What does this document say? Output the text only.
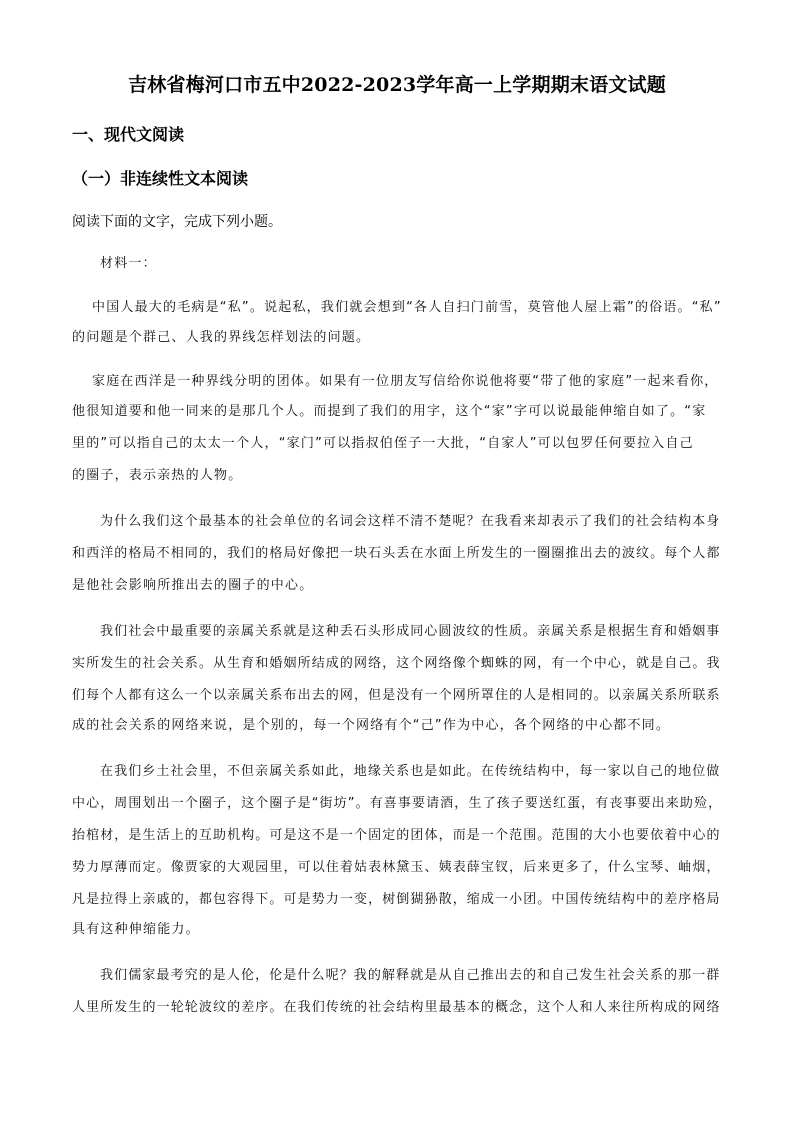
吉林省梅河口市五中2022-2023学年高一上学期期末语文试题
一、现代文阅读
（一）非连续性文本阅读
阅读下面的文字，完成下列小题。
材料一：
中国人最大的毛病是“私”。说起私，我们就会想到“各人自扫门前雪，莫管他人屋上霜”的俗语。“私”
的问题是个群己、人我的界线怎样划法的问题。
家庭在西洋是一种界线分明的团体。如果有一位朋友写信给你说他将要“带了他的家庭”一起来看你，
他很知道要和他一同来的是那几个人。而提到了我们的用字，这个“家”字可以说最能伸缩自如了。“家
里的”可以指自己的太太一个人，“家门”可以指叔伯侄子一大批，“自家人”可以包罗任何要拉入自己
的圈子，表示亲热的人物。
为什么我们这个最基本的社会单位的名词会这样不清不楚呢？在我看来却表示了我们的社会结构本身
和西洋的格局不相同的，我们的格局好像把一块石头丢在水面上所发生的一圈圈推出去的波纹。每个人都
是他社会影响所推出去的圈子的中心。
我们社会中最重要的亲属关系就是这种丢石头形成同心圆波纹的性质。亲属关系是根据生育和婚姻事
实所发生的社会关系。从生育和婚姻所结成的网络，这个网络像个蜘蛛的网，有一个中心，就是自己。我
们每个人都有这么一个以亲属关系布出去的网，但是没有一个网所罩住的人是相同的。以亲属关系所联系
成的社会关系的网络来说，是个别的，每一个网络有个“己”作为中心，各个网络的中心都不同。
在我们乡土社会里，不但亲属关系如此，地缘关系也是如此。在传统结构中，每一家以自己的地位做
中心，周围划出一个圈子，这个圈子是“街坊”。有喜事要请酒，生了孩子要送红蛋，有丧事要出来助殓，
抬棺材，是生活上的互助机构。可是这不是一个固定的团体，而是一个范围。范围的大小也要依着中心的
势力厚薄而定。像贾家的大观园里，可以住着姑表林黛玉、姨表薛宝钗，后来更多了，什么宝琴、岫烟，
凡是拉得上亲戚的，都包容得下。可是势力一变，树倒猢狲散，缩成一小团。中国传统结构中的差序格局
具有这种伸缩能力。
我们儒家最考究的是人伦，伦是什么呢？我的解释就是从自己推出去的和自己发生社会关系的那一群
人里所发生的一轮轮波纹的差序。在我们传统的社会结构里最基本的概念，这个人和人来往所构成的网络
